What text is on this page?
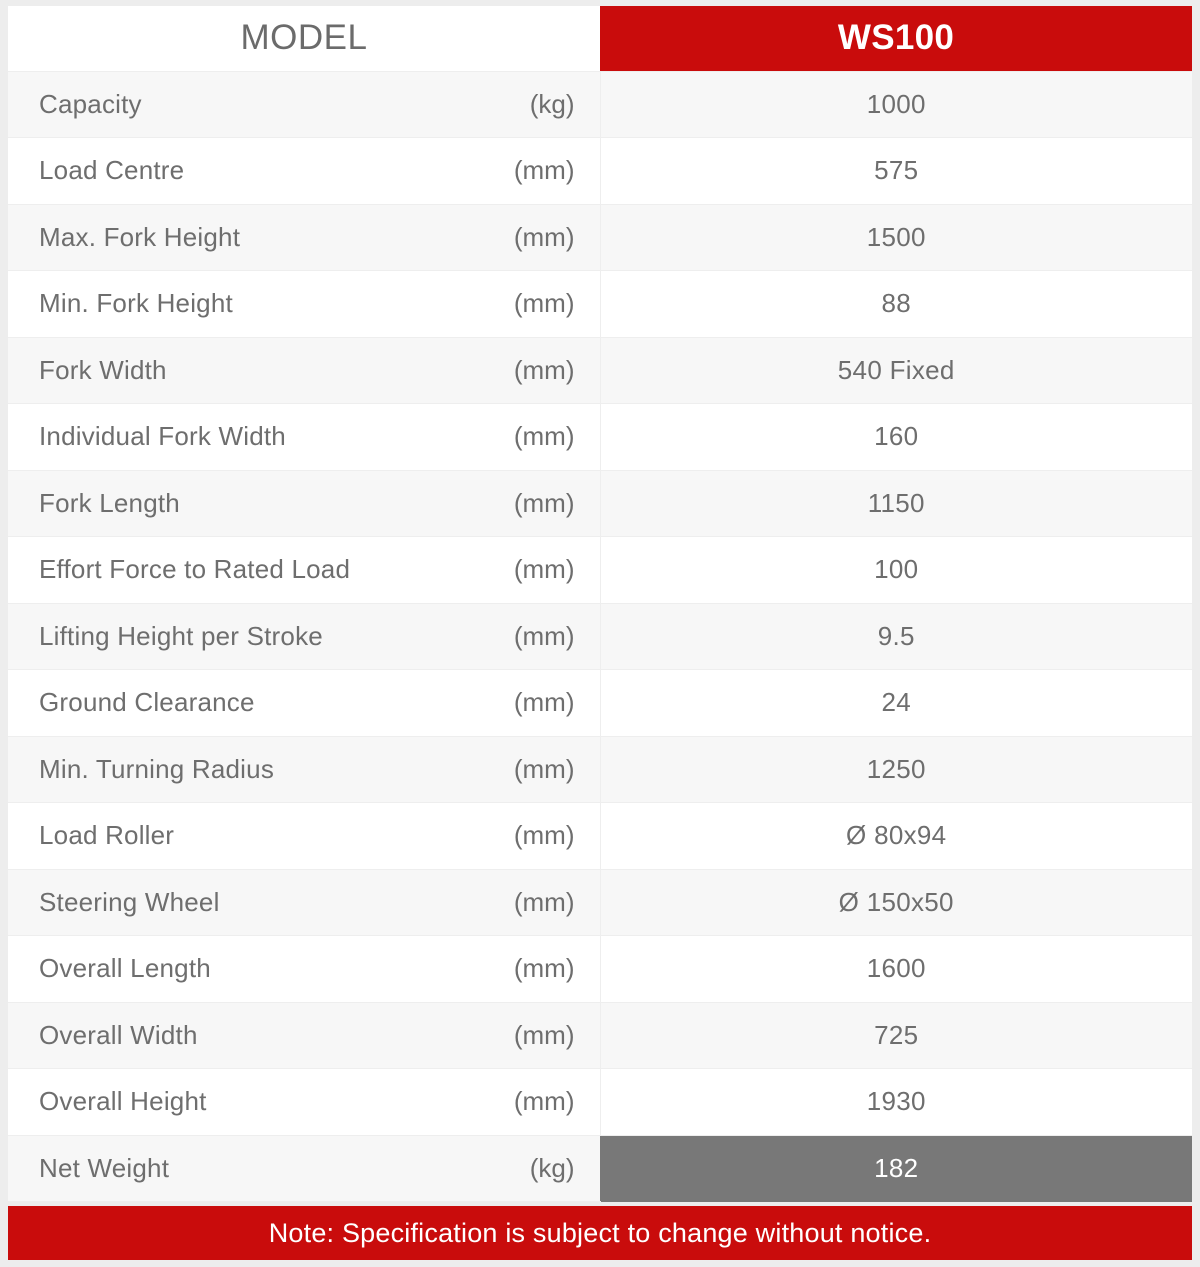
MODEL		WS100
Capacity	(kg)	1000
Load Centre	(mm)	575
Max. Fork Height	(mm)	1500
Min. Fork Height	(mm)	88
Fork Width	(mm)	540 Fixed
Individual Fork Width	(mm)	160
Fork Length	(mm)	1150
Effort Force to Rated Load	(mm)	100
Lifting Height per Stroke	(mm)	9.5
Ground Clearance	(mm)	24
Min. Turning Radius	(mm)	1250
Load Roller	(mm)	Ø 80x94
Steering Wheel	(mm)	Ø 150x50
Overall Length	(mm)	1600
Overall Width	(mm)	725
Overall Height	(mm)	1930
Net Weight	(kg)	182
Note: Specification is subject to change without notice.
